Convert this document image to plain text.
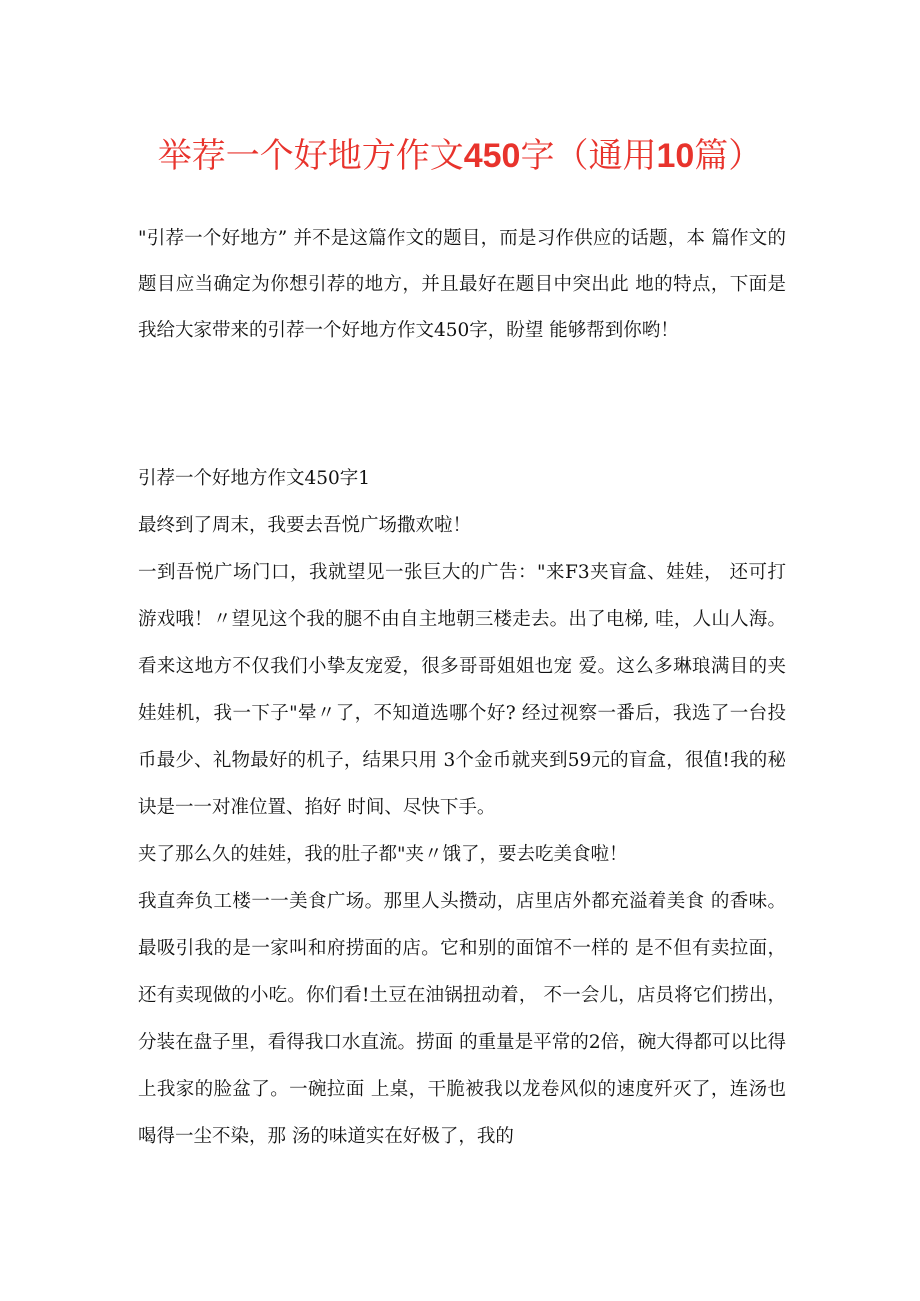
举荐一个好地方作文450字（通用10篇）
"引荐一个好地方” 并不是这篇作文的题目，而是习作供应的话题，本 篇作文的题目应当确定为你想引荐的地方，并且最好在题目中突出此 地的特点，下面是我给大家带来的引荐一个好地方作文450字，盼望 能够帮到你哟！

引荐一个好地方作文450字1

最终到了周末，我要去吾悦广场撒欢啦！

一到吾悦广场门口，我就望见一张巨大的广告："来F3夹盲盒、娃娃， 还可打游戏哦！〃望见这个我的腿不由自主地朝三楼走去。出了电梯, 哇，人山人海。看来这地方不仅我们小挚友宠爱，很多哥哥姐姐也宠 爱。这么多琳琅满目的夹娃娃机，我一下子"晕〃了，不知道选哪个好? 经过视察一番后，我选了一台投币最少、礼物最好的机子，结果只用 3个金币就夹到59元的盲盒，很值!我的秘诀是一一对准位置、掐好 时间、尽快下手。

夹了那么久的娃娃，我的肚子都"夹〃饿了，要去吃美食啦！

我直奔负工楼一一美食广场。那里人头攒动，店里店外都充溢着美食 的香味。最吸引我的是一家叫和府捞面的店。它和别的面馆不一样的 是不但有卖拉面，还有卖现做的小吃。你们看!土豆在油锅扭动着， 不一会儿，店员将它们捞出，分装在盘子里，看得我口水直流。捞面 的重量是平常的2倍，碗大得都可以比得上我家的脸盆了。一碗拉面 上桌，干脆被我以龙卷风似的速度歼灭了，连汤也喝得一尘不染，那 汤的味道实在好极了，我的
